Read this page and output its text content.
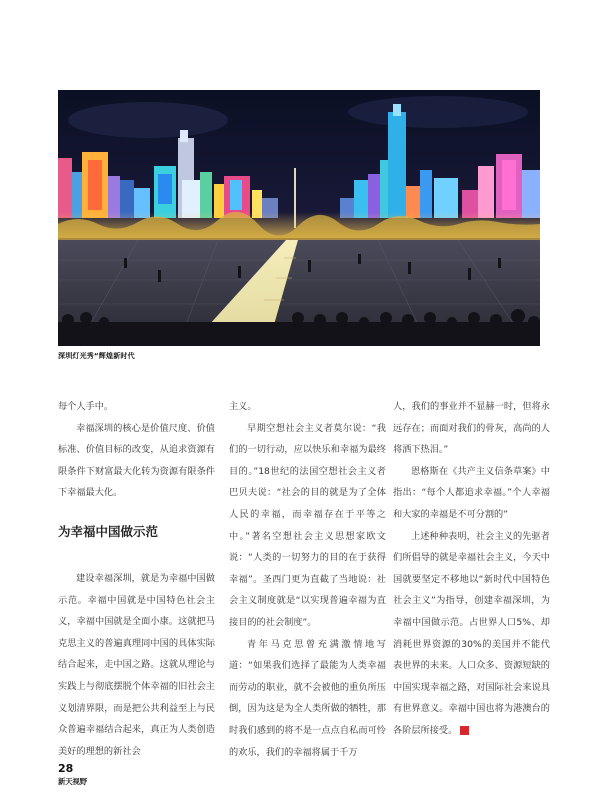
深圳灯光秀“辉煌新时代

每个人手中。

幸福深圳的核心是价值尺度、价值标准、价值目标的改变，从追求资源有限条件下财富最大化转为资源有限条件下幸福最大化。

为幸福中国做示范

建设幸福深圳，就是为幸福中国做示范。幸福中国就是中国特色社会主义，幸福中国就是全面小康。这就把马克思主义的普遍真理同中国的具体实际结合起来，走中国之路。这就从理论与实践上与彻底摆脱个体幸福的旧社会主义划清界限，而是把公共利益至上与民众普遍幸福结合起来，真正为人类创造美好的理想的新社会

主义。

早期空想社会主义者莫尔说：“我们的一切行动，应以快乐和幸福为最终目的。”18世纪的法国空想社会主义者巴贝夫说：“社会的目的就是为了全体人民的幸福，而幸福存在于平等之中。”著名空想社会主义思想家欧文说：“人类的一切努力的目的在于获得幸福”。圣西门更为直截了当地说：社会主义制度就是“以实现普遍幸福为直接目的的社会制度”。

青年马克思曾充满激情地写道：“如果我们选择了最能为人类幸福而劳动的职业，就不会被他的重负所压倒，因为这是为全人类所做的牺牲，那时我们感到的将不是一点点自私而可怜的欢乐，我们的幸福将属于千万

人，我们的事业并不显赫一时，但将永远存在；而面对我们的骨灰，高尚的人将洒下热泪。”

恩格斯在《共产主义信条草案》中指出：“每个人都追求幸福。”个人幸福和大家的幸福是不可分割的”

上述种种表明，社会主义的先驱者们所倡导的就是幸福社会主义，今天中国就要坚定不移地以“新时代中国特色社会主义”为指导，创建幸福深圳，为幸福中国做示范。占世界人口5%、却消耗世界资源的30%的美国并不能代表世界的未来。人口众多、资源短缺的中国实现幸福之路，对国际社会来说具有世界意义。幸福中国也将为港澳台的各阶层所接受。	N

28
新天视野
